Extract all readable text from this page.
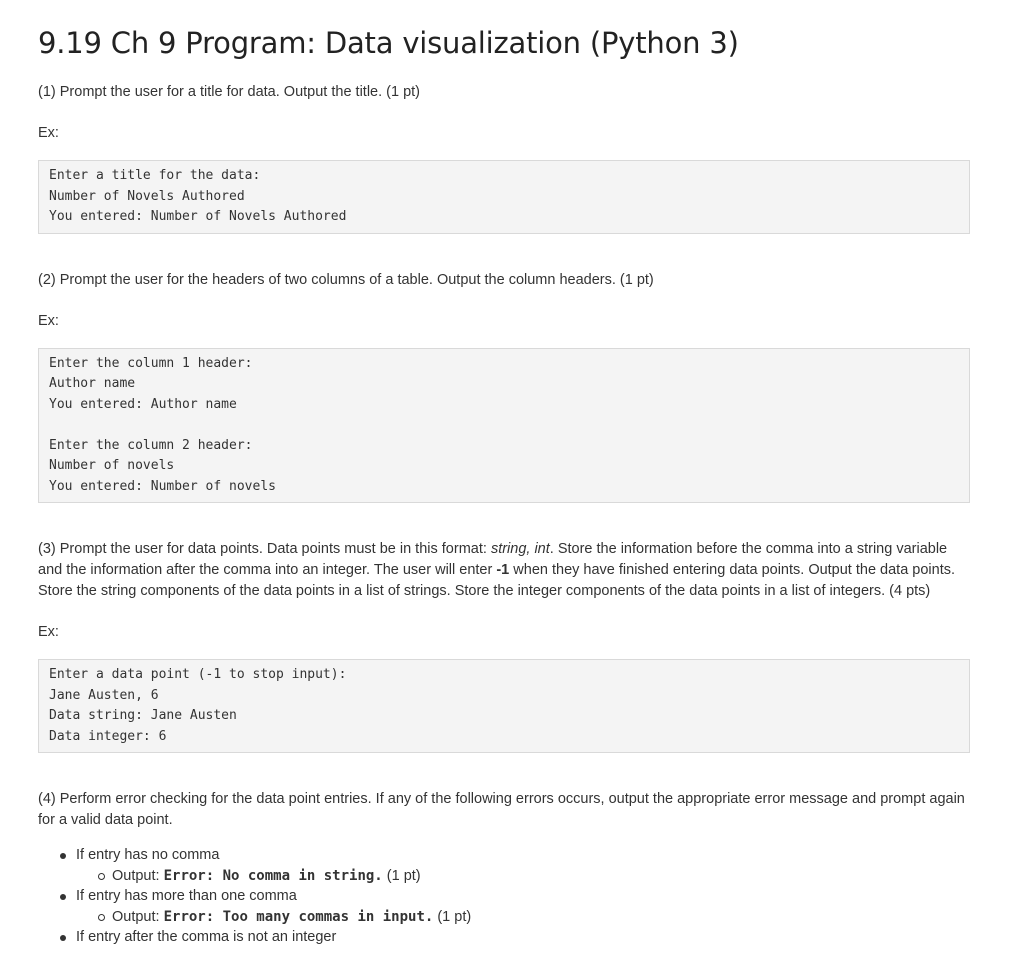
9.19 Ch 9 Program: Data visualization (Python 3)

(1) Prompt the user for a title for data. Output the title. (1 pt)

Ex:

Enter a title for the data:
Number of Novels Authored
You entered: Number of Novels Authored

(2) Prompt the user for the headers of two columns of a table. Output the column headers. (1 pt)

Ex:

Enter the column 1 header:
Author name
You entered: Author name

Enter the column 2 header:
Number of novels
You entered: Number of novels

(3) Prompt the user for data points. Data points must be in this format: string, int. Store the information before the comma into a string variable and the information after the comma into an integer. The user will enter -1 when they have finished entering data points. Output the data points. Store the string components of the data points in a list of strings. Store the integer components of the data points in a list of integers. (4 pts)

Ex:

Enter a data point (-1 to stop input):
Jane Austen, 6
Data string: Jane Austen
Data integer: 6

(4) Perform error checking for the data point entries. If any of the following errors occurs, output the appropriate error message and prompt again for a valid data point.

If entry has no comma
Output: Error: No comma in string. (1 pt)
If entry has more than one comma
Output: Error: Too many commas in input. (1 pt)
If entry after the comma is not an integer
